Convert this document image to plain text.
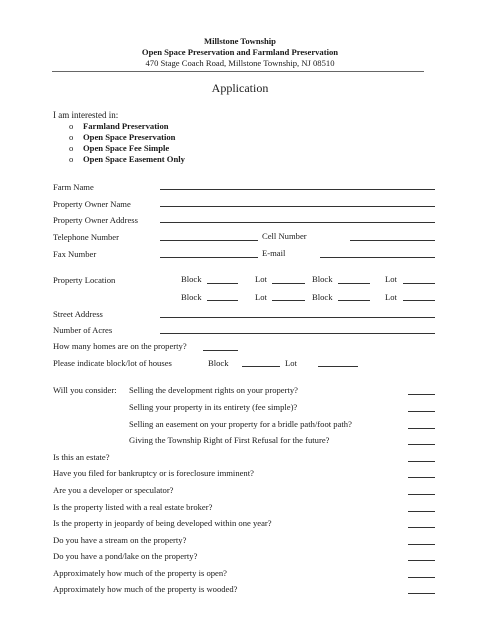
Millstone Township
Open Space Preservation and Farmland Preservation
470 Stage Coach Road, Millstone Township, NJ 08510
Application
I am interested in:
o Farmland Preservation
o Open Space Preservation
o Open Space Fee Simple
o Open Space Easement Only
Farm Name
Property Owner Name
Property Owner Address
Telephone Number	Cell Number
Fax Number	E-mail
Property Location	Block	Lot	Block	Lot
Block	Lot	Block	Lot
Street Address
Number of Acres
How many homes are on the property?
Please indicate block/lot of houses	Block	Lot
Will you consider: Selling the development rights on your property?
Selling your property in its entirety (fee simple)?
Selling an easement on your property for a bridle path/foot path?
Giving the Township Right of First Refusal for the future?
Is this an estate?
Have you filed for bankruptcy or is foreclosure imminent?
Are you a developer or speculator?
Is the property listed with a real estate broker?
Is the property in jeopardy of being developed within one year?
Do you have a stream on the property?
Do you have a pond/lake on the property?
Approximately how much of the property is open?
Approximately how much of the property is wooded?
